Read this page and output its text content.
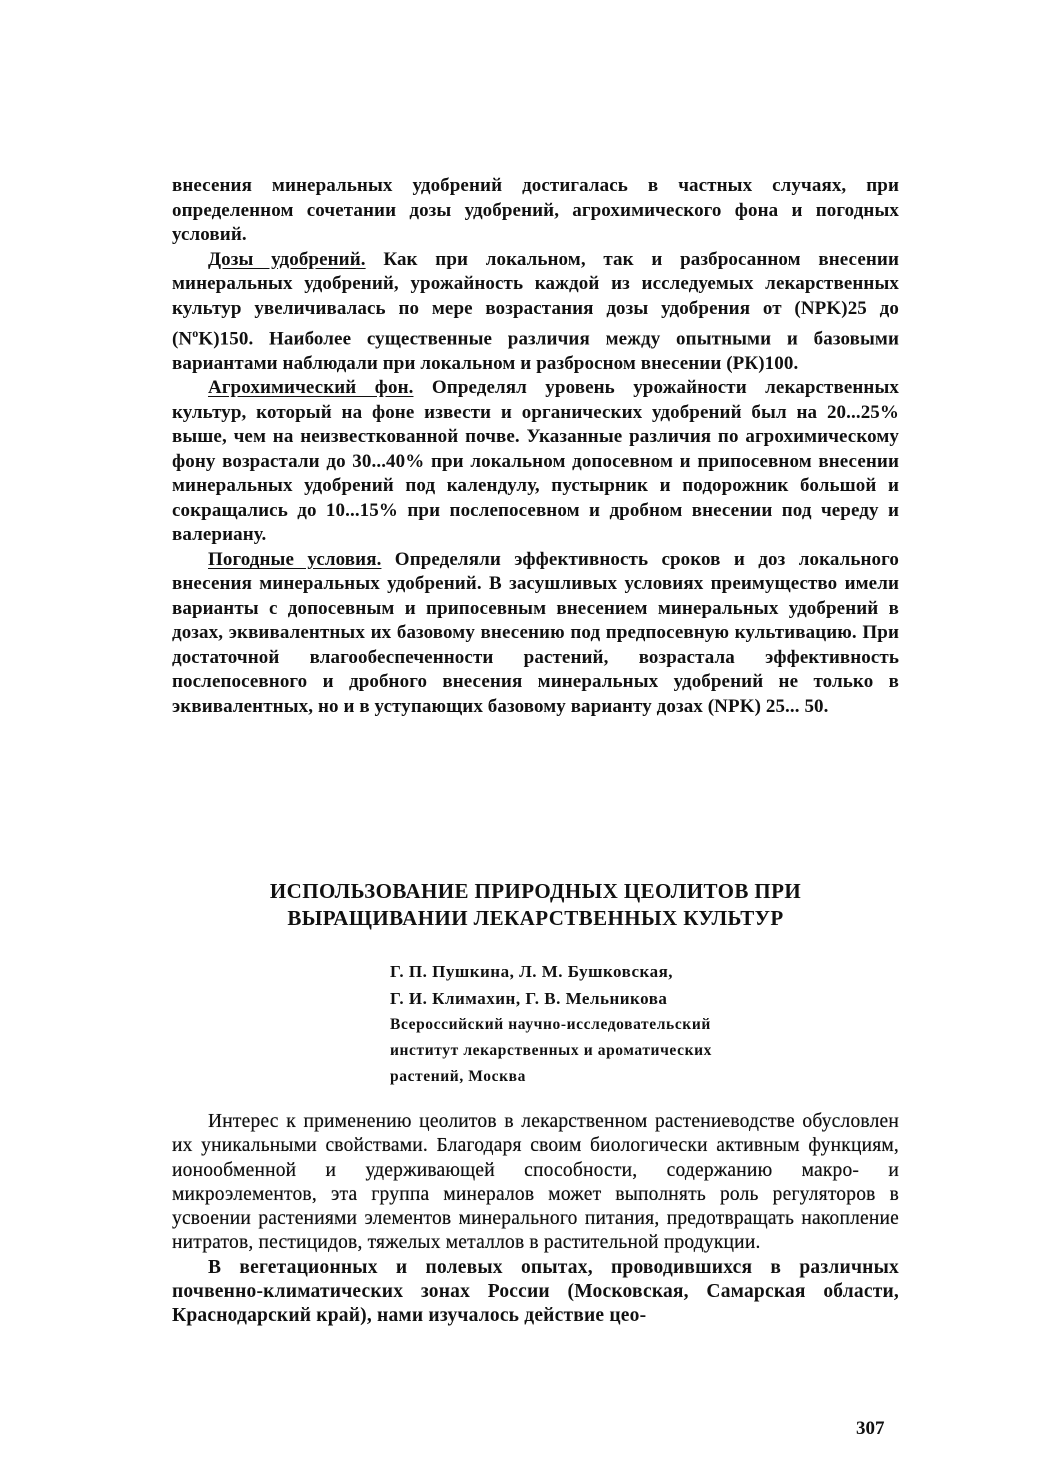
внесения минеральных удобрений достигалась в частных случаях, при определенном сочетании дозы удобрений, агрохимического фона и погодных условий.

Дозы удобрений. Как при локальном, так и разбросанном внесении минеральных удобрений, урожайность каждой из исследуемых лекарственных культур увеличивалась по мере возрастания дозы удобрения от (NPK)25 до $(N^oK)150$. Наиболее существенные различия между опытными и базовыми вариантами наблюдали при локальном и разбросном внесении (РК)100.

Агрохимический фон. Определял уровень урожайности лекарственных культур, который на фоне извести и органических удобрений был на 20...25% выше, чем на неизвесткованной почве. Указанные различия по агрохимическому фону возрастали до 30...40% при локальном допосевном и припосевном внесении минеральных удобрений под календулу, пустырник и подорожник большой и сокращались до 10...15% при послепосевном и дробном внесении под череду и валериану.

Погодные условия. Определяли эффективность сроков и доз локального внесения минеральных удобрений. В засушливых условиях преимущество имели варианты с допосевным и припосевным внесением минеральных удобрений в дозах, эквивалентных их базовому внесению под предпосевную культивацию. При достаточной влагообеспеченности растений, возрастала эффективность послепосевного и дробного внесения минеральных удобрений не только в эквивалентных, но и в уступающих базовому варианту дозах (NPK) 25... 50.

ИСПОЛЬЗОВАНИЕ ПРИРОДНЫХ ЦЕОЛИТОВ ПРИ
ВЫРАЩИВАНИИ ЛЕКАРСТВЕННЫХ КУЛЬТУР
Г. П. Пушкина, Л. М. Бушковская,
Г. И. Климахин, Г. В. Мельникова
Всероссийский научно-исследовательский
институт лекарственных и ароматических
растений, Москва

Интерес к применению цеолитов в лекарственном растениеводстве обусловлен их уникальными свойствами. Благодаря своим биологически активным функциям, ионообменной и удерживающей способности, содержанию макро- и микроэлементов, эта группа минералов может выполнять роль регуляторов в усвоении растениями элементов минерального питания, предотвращать накопление нитратов, пестицидов, тяжелых металлов в растительной продукции.

В вегетационных и полевых опытах, проводившихся в различных почвенно-климатических зонах России (Московская, Самарская области, Краснодарский край), нами изучалось действие цео-

307
